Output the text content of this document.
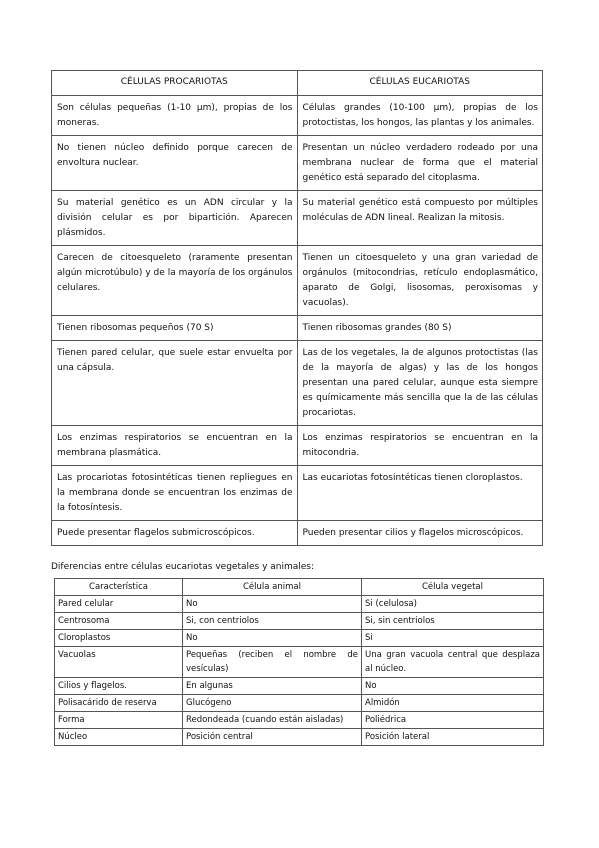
CÉLULAS PROCARIOTAS	CÉLULAS EUCARIOTAS
Son células pequeñas (1-10 μm), propias de los moneras.	Células grandes (10-100 μm), propias de los protoctistas, los hongos, las plantas y los animales.
No tienen núcleo definido porque carecen de envoltura nuclear.	Presentan un núcleo verdadero rodeado por una membrana nuclear de forma que el material genético está separado del citoplasma.
Su material genético es un ADN circular y la división celular es por bipartición. Aparecen plásmidos.	Su material genético está compuesto por múltiples moléculas de ADN lineal. Realizan la mitosis.
Carecen de citoesqueleto (raramente presentan algún microtúbulo) y de la mayoría de los orgánulos celulares.	Tienen un citoesqueleto y una gran variedad de orgánulos (mitocondrias, retículo endoplasmático, aparato de Golgi, lisosomas, peroxisomas y vacuolas).
Tienen ribosomas pequeños (70 S)	Tienen ribosomas grandes (80 S)
Tienen pared celular, que suele estar envuelta por una cápsula.	Las de los vegetales, la de algunos protoctistas (las de la mayoría de algas) y las de los hongos presentan una pared celular, aunque esta siempre es químicamente más sencilla que la de las células procariotas.
Los enzimas respiratorios se encuentran en la membrana plasmática.	Los enzimas respiratorios se encuentran en la mitocondria.
Las procariotas fotosintéticas tienen repliegues en la membrana donde se encuentran los enzimas de la fotosíntesis.	Las eucariotas fotosintéticas tienen cloroplastos.
Puede presentar flagelos submicroscópicos.	Pueden presentar cilios y flagelos microscópicos.
Diferencias entre células eucariotas vegetales y animales:
Característica	Célula animal	Célula vegetal
Pared celular	No	Si (celulosa)
Centrosoma	Si, con centriolos	Si, sin centriolos
Cloroplastos	No	Si
Vacuolas	Pequeñas (reciben el nombre de vesículas)	Una gran vacuola central que desplaza al núcleo.
Cilios y flagelos.	En algunas	No
Polisacárido de reserva	Glucógeno	Almidón
Forma	Redondeada (cuando están aisladas)	Poliédrica
Núcleo	Posición central	Posición lateral
